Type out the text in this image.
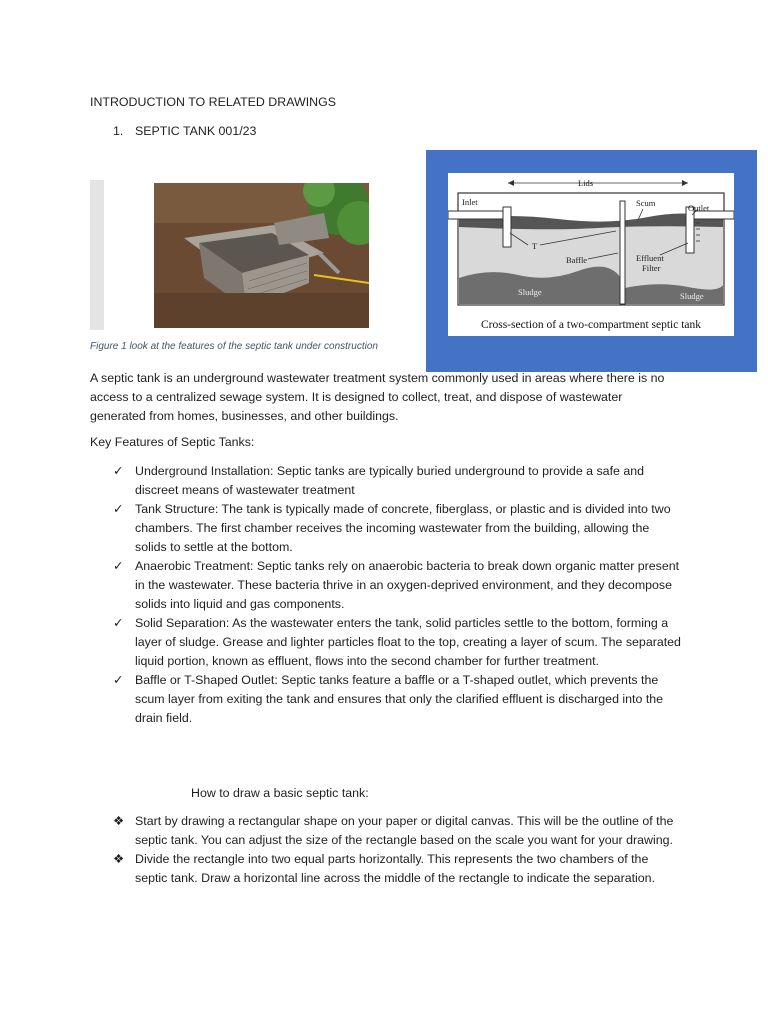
INTRODUCTION TO RELATED DRAWINGS
1. SEPTIC TANK 001/23
Figure 1 look at the features of the septic tank under construction
Lids
Inlet	Scum	Outlet
T
Baffle	Effluent
Filter
Sludge	Sludge
Cross-section of a two-compartment septic tank
A septic tank is an underground wastewater treatment system commonly used in areas where there is no access to a centralized sewage system. It is designed to collect, treat, and dispose of wastewater generated from homes, businesses, and other buildings.
Key Features of Septic Tanks:
✓ Underground Installation: Septic tanks are typically buried underground to provide a safe and discreet means of wastewater treatment
✓ Tank Structure: The tank is typically made of concrete, fiberglass, or plastic and is divided into two chambers. The first chamber receives the incoming wastewater from the building, allowing the solids to settle at the bottom.
✓ Anaerobic Treatment: Septic tanks rely on anaerobic bacteria to break down organic matter present in the wastewater. These bacteria thrive in an oxygen-deprived environment, and they decompose solids into liquid and gas components.
✓ Solid Separation: As the wastewater enters the tank, solid particles settle to the bottom, forming a layer of sludge. Grease and lighter particles float to the top, creating a layer of scum. The separated liquid portion, known as effluent, flows into the second chamber for further treatment.
✓ Baffle or T-Shaped Outlet: Septic tanks feature a baffle or a T-shaped outlet, which prevents the scum layer from exiting the tank and ensures that only the clarified effluent is discharged into the drain field.
How to draw a basic septic tank:
❖ Start by drawing a rectangular shape on your paper or digital canvas. This will be the outline of the septic tank. You can adjust the size of the rectangle based on the scale you want for your drawing.
❖ Divide the rectangle into two equal parts horizontally. This represents the two chambers of the septic tank. Draw a horizontal line across the middle of the rectangle to indicate the separation.
